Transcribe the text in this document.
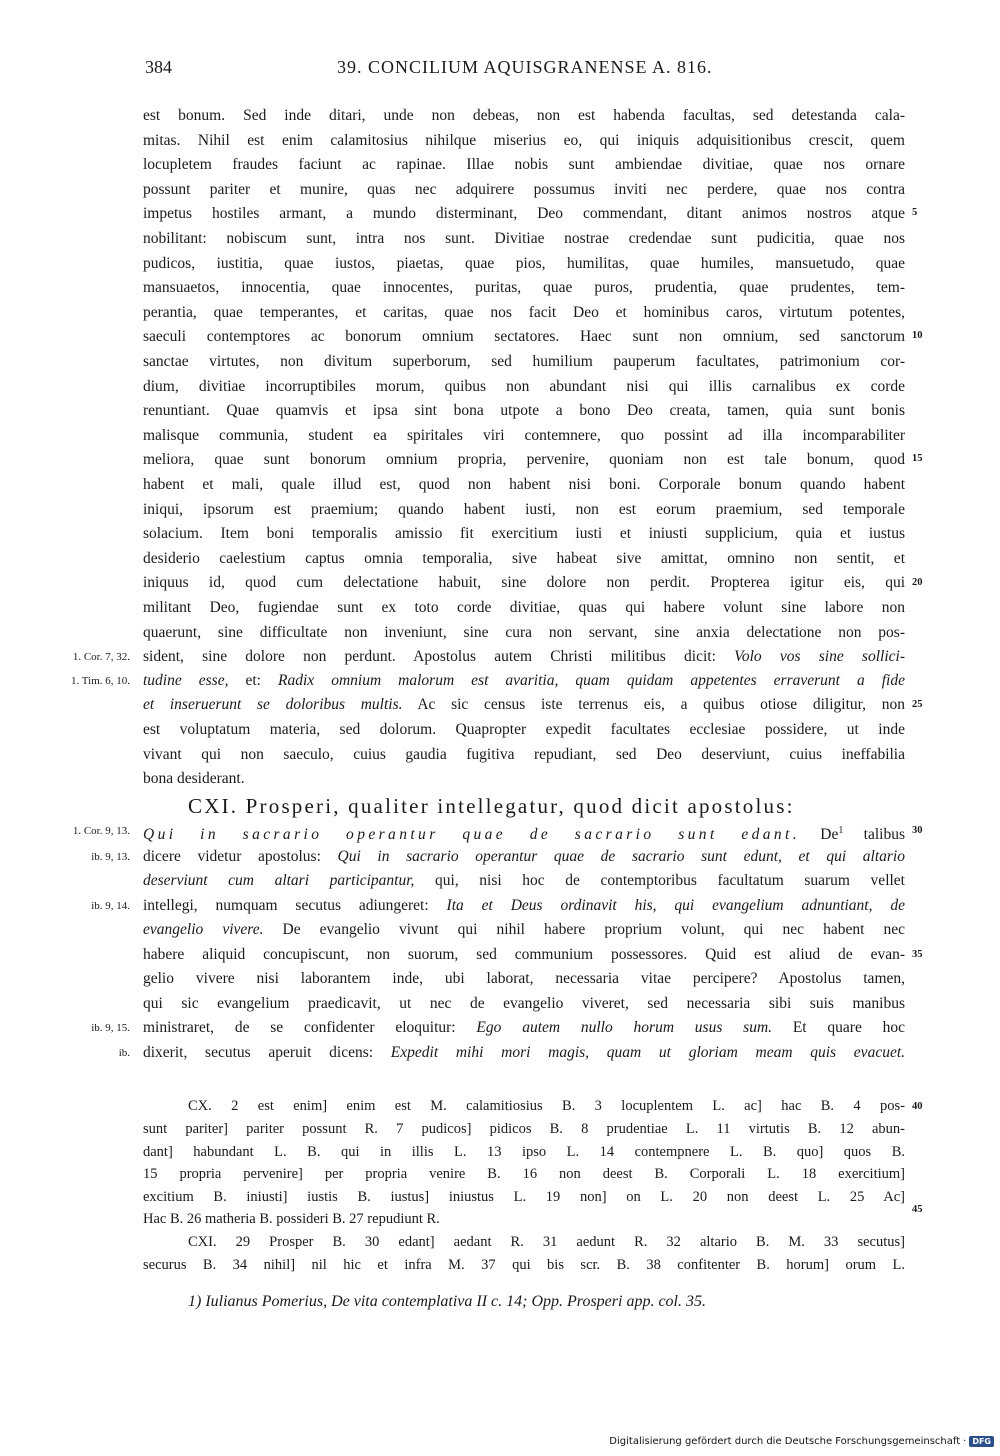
384	39. CONCILIUM AQUISGRANENSE A. 816.
est bonum. Sed inde ditari, unde non debeas, non est habenda facultas, sed detestanda cala-
mitas. Nihil est enim calamitosius nihilque miserius eo, qui iniquis adquisitionibus crescit, quem
locupletem fraudes faciunt ac rapinae. Illae nobis sunt ambiendae divitiae, quae nos ornare
possunt pariter et munire, quas nec adquirere possumus inviti nec perdere, quae nos contra
impetus hostiles armant, a mundo disterminant, Deo commendant, ditant animos nostros atque
nobilitant: nobiscum sunt, intra nos sunt. Divitiae nostrae credendae sunt pudicitia, quae nos
pudicos, iustitia, quae iustos, piaetas, quae pios, humilitas, quae humiles, mansuetudo, quae
mansuaetos, innocentia, quae innocentes, puritas, quae puros, prudentia, quae prudentes, tem-
perantia, quae temperantes, et caritas, quae nos facit Deo et hominibus caros, virtutum potentes,
saeculi contemptores ac bonorum omnium sectatores. Haec sunt non omnium, sed sanctorum
sanctae virtutes, non divitum superborum, sed humilium pauperum facultates, patrimonium cor-
dium, divitiae incorruptibiles morum, quibus non abundant nisi qui illis carnalibus ex corde
renuntiant. Quae quamvis et ipsa sint bona utpote a bono Deo creata, tamen, quia sunt bonis
malisque communia, student ea spiritales viri contemnere, quo possint ad illa incomparabiliter
meliora, quae sunt bonorum omnium propria, pervenire, quoniam non est tale bonum, quod
habent et mali, quale illud est, quod non habent nisi boni. Corporale bonum quando habent
iniqui, ipsorum est praemium; quando habent iusti, non est eorum praemium, sed temporale
solacium. Item boni temporalis amissio fit exercitium iusti et iniusti supplicium, quia et iustus
desiderio caelestium captus omnia temporalia, sive habeat sive amittat, omnino non sentit, et
iniquus id, quod cum delectatione habuit, sine dolore non perdit. Propterea igitur eis, qui
militant Deo, fugiendae sunt ex toto corde divitiae, quas qui habere volunt sine labore non
quaerunt, sine difficultate non inveniunt, sine cura non servant, sine anxia delectatione non pos-
sident, sine dolore non perdunt. Apostolus autem Christi militibus dicit: Volo vos sine sollici-
tudine esse, et: Radix omnium malorum est avaritia, quam quidam appetentes erraverunt a fide
et inseruerunt se doloribus multis. Ac sic census iste terrenus eis, a quibus otiose diligitur, non
est voluptatum materia, sed dolorum. Quapropter expedit facultates ecclesiae possidere, ut inde
vivant qui non saeculo, cuius gaudia fugitiva repudiant, sed Deo deserviunt, cuius ineffabilia
bona desiderant.
CXI. Prosperi, qualiter intellegatur, quod dicit apostolus:
Qui in sacrario operantur quae de sacrario sunt edant. De$^1$ talibus
dicere videtur apostolus: Qui in sacrario operantur quae de sacrario sunt edunt, et qui altario
deserviunt cum altari participantur, qui, nisi hoc de contemptoribus facultatum suarum vellet
intellegi, numquam secutus adiungeret: Ita et Deus ordinavit his, qui evangelium adnuntiant, de
evangelio vivere. De evangelio vivunt qui nihil habere proprium volunt, qui nec habent nec
habere aliquid concupiscunt, non suorum, sed communium possessores. Quid est aliud de evan-
gelio vivere nisi laborantem inde, ubi laborat, necessaria vitae percipere? Apostolus tamen,
qui sic evangelium praedicavit, ut nec de evangelio viveret, sed necessaria sibi suis manibus
ministraret, de se confidenter eloquitur: Ego autem nullo horum usus sum. Et quare hoc
dixerit, secutus aperuit dicens: Expedit mihi mori magis, quam ut gloriam meam quis evacuet.
1. Cor. 7, 32.
1. Tim. 6, 10.
1. Cor. 9, 13.
ib. 9, 13.
ib. 9, 14.
ib. 9, 15.
ib.
5
10
15
20
25
30
35
40
45
CX. 2 est enim] enim est M. calamitiosius B. 3 locuplentem L. ac] hac B. 4 pos-
sunt pariter] pariter possunt R. 7 pudicos] pidicos B. 8 prudentiae L. 11 virtutis B. 12 abun-
dant] habundant L. B. qui in illis L. 13 ipso L. 14 contempnere L. B. quo] quos B.
15 propria pervenire] per propria venire B. 16 non deest B. Corporali L. 18 exercitium]
excitium B. iniusti] iustis B. iustus] iniustus L. 19 non] on L. 20 non deest L. 25 Ac]
Hac B. 26 matheria B. possideri B. 27 repudiunt R.
CXI. 29 Prosper B. 30 edant] aedant R. 31 aedunt R. 32 altario B. M. 33 secutus]
securus B. 34 nihil] nil hic et infra M. 37 qui bis scr. B. 38 confitenter B. horum] orum L.
1) Iulianus Pomerius, De vita contemplativa II c. 14; Opp. Prosperi app. col. 35.
Digitalisierung gefördert durch die Deutsche Forschungsgemeinschaft · DFG
